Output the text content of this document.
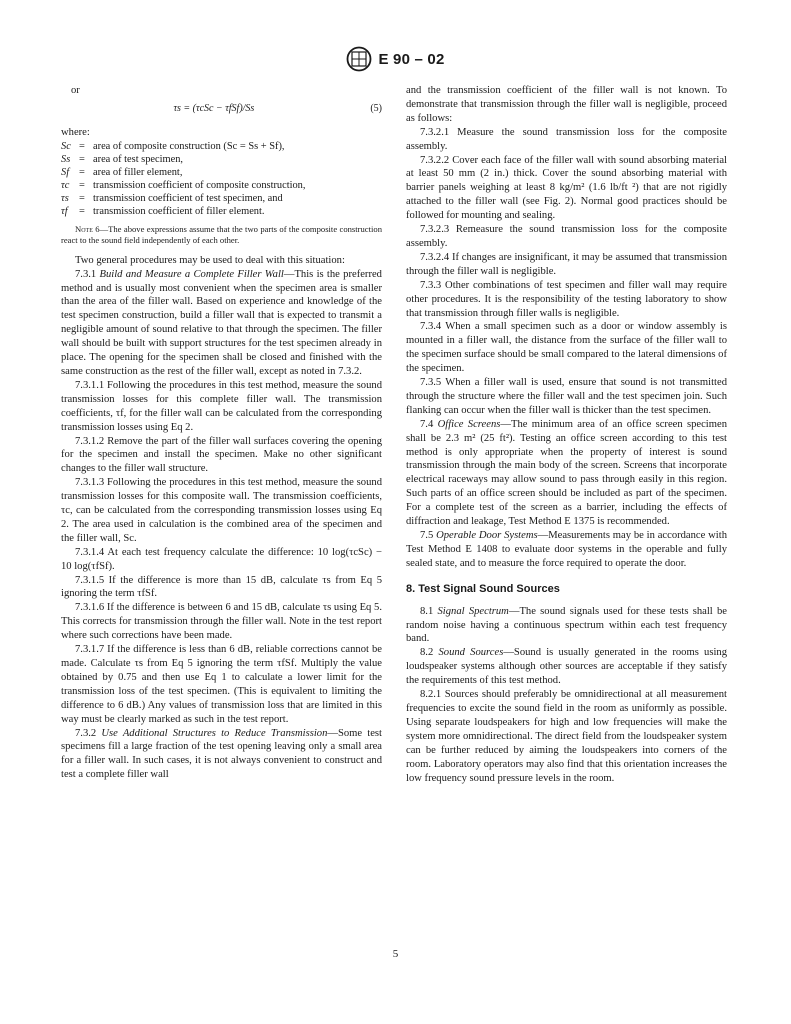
E 90 – 02

or

τs = (τcSc − τfSf)/Ss	(5)

where:

Sc = area of composite construction (Sc = Ss + Sf),
Ss = area of test specimen,
Sf = area of filler element,
τc = transmission coefficient of composite construction,
τs = transmission coefficient of test specimen, and
τf	= transmission coefficient of filler element.

Note 6—The above expressions assume that the two parts of the composite construction react to the sound field independently of each other.

Two general procedures may be used to deal with this situation:

7.3.1 Build and Measure a Complete Filler Wall—This is the preferred method and is usually most convenient when the specimen area is smaller than the area of the filler wall. Based on experience and knowledge of the test specimen construction, build a filler wall that is expected to transmit a negligible amount of sound relative to that through the specimen. The filler wall should be built with support structures for the test specimen already in place. The opening for the specimen shall be closed and finished with the same construction as the rest of the filler wall, except as noted in 7.3.2.

7.3.1.1 Following the procedures in this test method, measure the sound transmission losses for this complete filler wall. The transmission coefficients, τf, for the filler wall can be calculated from the corresponding transmission losses using Eq 2.

7.3.1.2 Remove the part of the filler wall surfaces covering the opening for the specimen and install the specimen. Make no other significant changes to the filler wall structure.

7.3.1.3 Following the procedures in this test method, measure the sound transmission losses for this composite wall. The transmission coefficients, τc, can be calculated from the corresponding transmission losses using Eq 2. The area used in calculation is the combined area of the specimen and the filler wall, Sc.

7.3.1.4 At each test frequency calculate the difference: 10 log(τcSc) − 10 log(τfSf).

7.3.1.5 If the difference is more than 15 dB, calculate τs from Eq 5 ignoring the term τfSf.

7.3.1.6 If the difference is between 6 and 15 dB, calculate τs using Eq 5. This corrects for transmission through the filler wall. Note in the test report where such corrections have been made.

7.3.1.7 If the difference is less than 6 dB, reliable corrections cannot be made. Calculate τs from Eq 5 ignoring the term τfSf. Multiply the value obtained by 0.75 and then use Eq 1 to calculate a lower limit for the transmission loss of the test specimen. (This is equivalent to limiting the difference to 6 dB.) Any values of transmission loss that are limited in this way must be clearly marked as such in the test report.

7.3.2 Use Additional Structures to Reduce Transmission—Some test specimens fill a large fraction of the test opening leaving only a small area for a filler wall. In such cases, it is not always convenient to construct and test a complete filler wall

and the transmission coefficient of the filler wall is not known. To demonstrate that transmission through the filler wall is negligible, proceed as follows:

7.3.2.1 Measure the sound transmission loss for the composite assembly.

7.3.2.2 Cover each face of the filler wall with sound absorbing material at least 50 mm (2 in.) thick. Cover the sound absorbing material with barrier panels weighing at least 8 kg/m² (1.6 lb/ft ²) that are not rigidly attached to the filler wall (see Fig. 2). Normal good practices should be followed for mounting and sealing.

7.3.2.3 Remeasure the sound transmission loss for the composite assembly.

7.3.2.4 If changes are insignificant, it may be assumed that transmission through the filler wall is negligible.

7.3.3 Other combinations of test specimen and filler wall may require other procedures. It is the responsibility of the testing laboratory to show that transmission through filler walls is negligible.

7.3.4 When a small specimen such as a door or window assembly is mounted in a filler wall, the distance from the surface of the filler wall to the specimen surface should be small compared to the lateral dimensions of the specimen.

7.3.5 When a filler wall is used, ensure that sound is not transmitted through the structure where the filler wall and the test specimen join. Such flanking can occur when the filler wall is thicker than the test specimen.

7.4 Office Screens—The minimum area of an office screen specimen shall be 2.3 m² (25 ft²). Testing an office screen according to this test method is only appropriate when the property of interest is sound transmission through the main body of the screen. Screens that incorporate electrical raceways may allow sound to pass through easily in this region. Such parts of an office screen should be included as part of the specimen. For a complete test of the screen as a barrier, including the effects of diffraction and leakage, Test Method E 1375 is recommended.

7.5 Operable Door Systems—Measurements may be in accordance with Test Method E 1408 to evaluate door systems in the operable and fully sealed state, and to measure the force required to operate the door.

8. Test Signal Sound Sources

8.1 Signal Spectrum—The sound signals used for these tests shall be random noise having a continuous spectrum within each test frequency band.

8.2 Sound Sources—Sound is usually generated in the rooms using loudspeaker systems although other sources are acceptable if they satisfy the requirements of this test method.

8.2.1 Sources should preferably be omnidirectional at all measurement frequencies to excite the sound field in the room as uniformly as possible. Using separate loudspeakers for high and low frequencies will make the system more omnidirectional. The direct field from the loudspeaker system can be further reduced by aiming the loudspeakers into corners of the room. Laboratory operators may also find that this orientation increases the low frequency sound pressure levels in the room.

5
